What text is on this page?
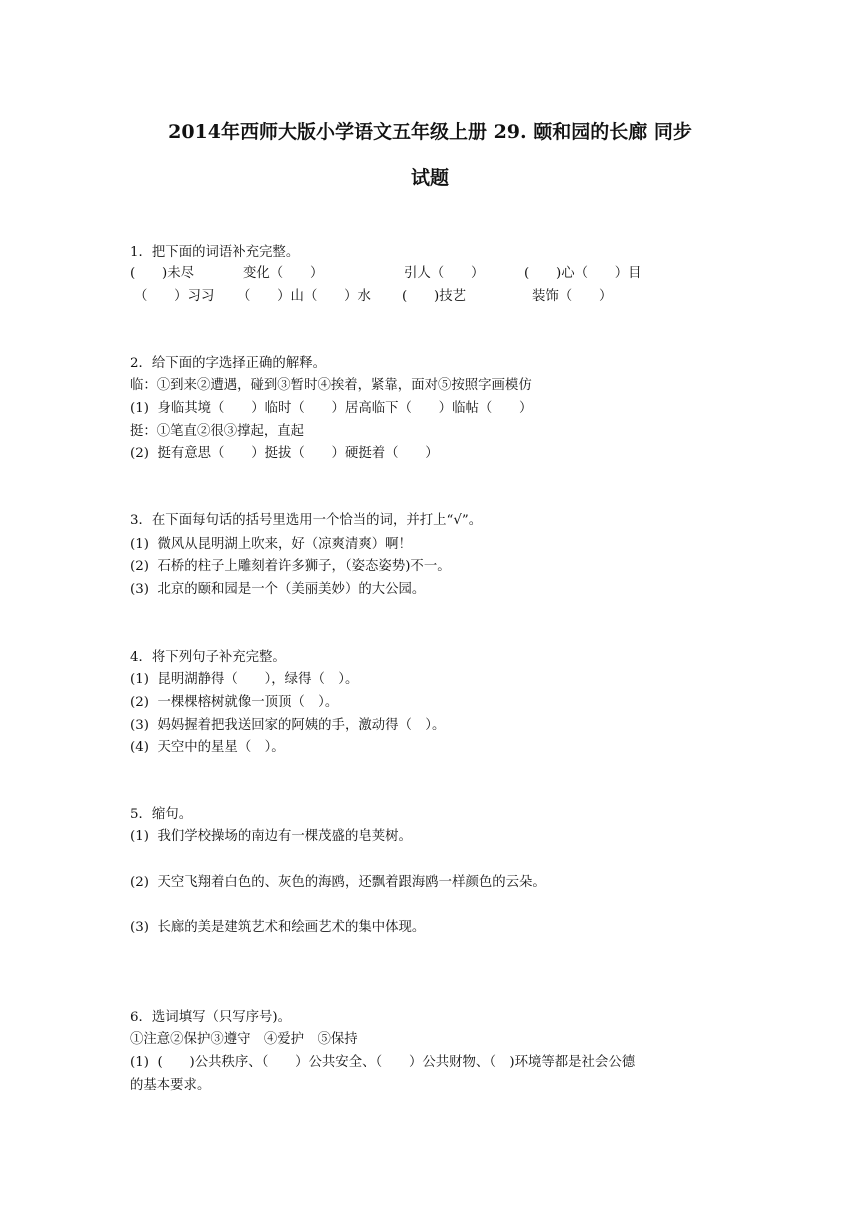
2014年西师大版小学语文五年级上册 29. 颐和园的长廊 同步
试题
1．把下面的词语补充完整。
(　　)未尽	变化（　　）	引人（　　）	(　　)心（　　）目
（　　）习习 （　　）山（　　）水 (　　)技艺	装饰（　　）
2．给下面的字选择正确的解释。
临：①到来②遭遇，碰到③暂时④挨着，紧靠，面对⑤按照字画模仿
(1)  身临其境（　　）临时（　　）居高临下（　　）临帖（　　）
挺：①笔直②很③撑起，直起
(2)  挺有意思（　　）挺拔（　　）硬挺着（　　）
3．在下面每句话的括号里选用一个恰当的词，并打上“√”。
(1)  微风从昆明湖上吹来，好（凉爽清爽）啊！
(2)  石桥的柱子上雕刻着许多狮子，（姿态姿势)不一。
(3)  北京的颐和园是一个（美丽美妙）的大公园。
4．将下列句子补充完整。
(1)  昆明湖静得（　　），绿得（　）。
(2)  一棵棵榕树就像一顶顶（　）。
(3)  妈妈握着把我送回家的阿姨的手，激动得（　）。
(4)  天空中的星星（　）。
5．缩句。
(1)  我们学校操场的南边有一棵茂盛的皂荚树。
(2)  天空飞翔着白色的、灰色的海鸥，还飘着跟海鸥一样颜色的云朵。
(3)  长廊的美是建筑艺术和绘画艺术的集中体现。
6．选词填写（只写序号)。
①注意②保护③遵守　④爱护　⑤保持
(1)  (　　)公共秩序、（　　）公共安全、（　　）公共财物、（　)环境等都是社会公德
的基本要求。
